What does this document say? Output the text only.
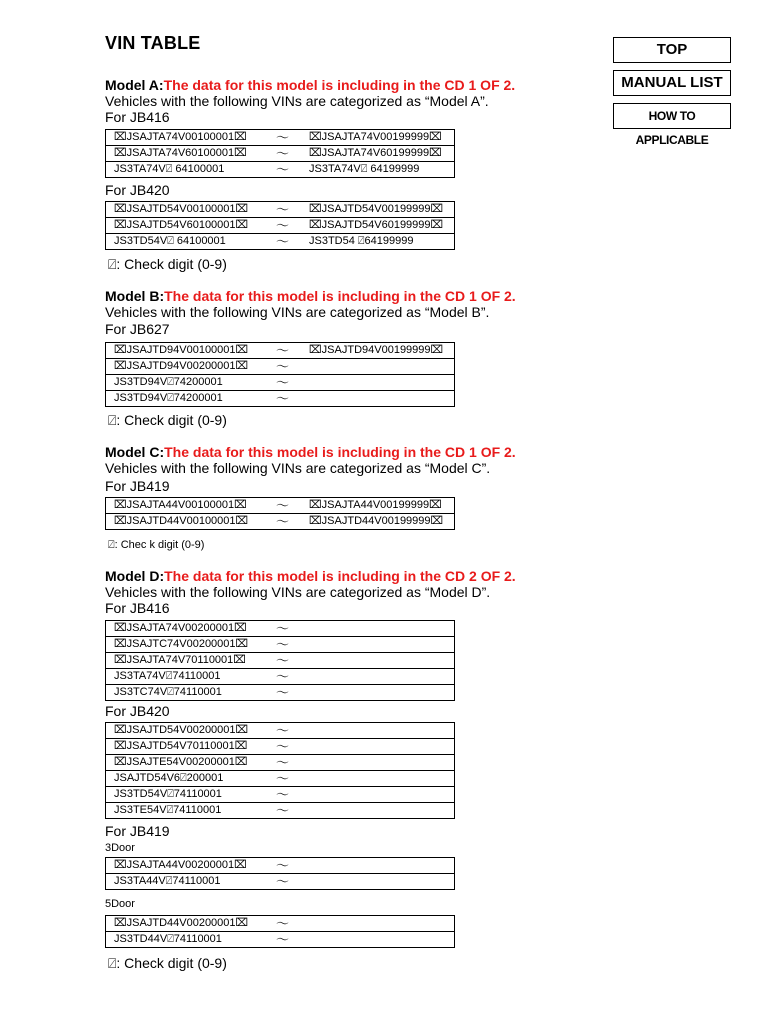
VIN TABLE	TOP
MANUAL LIST
HOW TO APPLICABLE
Model A:The data for this model is including in the CD 1 OF 2.
Vehicles with the following VINs are categorized as “Model A”.
For JB416
⌧JSAJTA74V00100001⌧ ～ ⌧JSAJTA74V00199999⌧
⌧JSAJTA74V60100001⌧ ～ ⌧JSAJTA74V60199999⌧
JS3TA74V⍁ 64100001	～ JS3TA74V⍁ 64199999
For JB420
⌧JSAJTD54V00100001⌧ ～ ⌧JSAJTD54V00199999⌧
⌧JSAJTD54V60100001⌧ ～ ⌧JSAJTD54V60199999⌧
JS3TD54V⍁ 64100001	～ JS3TD54 ⍁64199999
⍁: Check digit (0-9)
Model B:The data for this model is including in the CD 1 OF 2.
Vehicles with the following VINs are categorized as “Model B”.
For JB627
⌧JSAJTD94V00100001⌧ ～ ⌧JSAJTD94V00199999⌧
⌧JSAJTD94V00200001⌧ ～
JS3TD94V⍁74200001	～
JS3TD94V⍁74200001	～
⍁: Check digit (0-9)
Model C:The data for this model is including in the CD 1 OF 2.
Vehicles with the following VINs are categorized as “Model C”.
For JB419
⌧JSAJTA44V00100001⌧ ～ ⌧JSAJTA44V00199999⌧
⌧JSAJTD44V00100001⌧ ～ ⌧JSAJTD44V00199999⌧
⍁: Chec k digit (0-9)
Model D:The data for this model is including in the CD 2 OF 2.
Vehicles with the following VINs are categorized as “Model D”.
For JB416
⌧JSAJTA74V00200001⌧ ～
⌧JSAJTC74V00200001⌧ ～
⌧JSAJTA74V70110001⌧ ～
JS3TA74V⍁74110001	～
JS3TC74V⍁74110001	～
For JB420
⌧JSAJTD54V00200001⌧ ～
⌧JSAJTD54V70110001⌧ ～
⌧JSAJTE54V00200001⌧ ～
JSAJTD54V6⍁200001	～
JS3TD54V⍁74110001	～
JS3TE54V⍁74110001	～
For JB419
3Door
⌧JSAJTA44V00200001⌧ ～
JS3TA44V⍁74110001	～
5Door
⌧JSAJTD44V00200001⌧ ～
JS3TD44V⍁74110001	～
⍁: Check digit (0-9)
